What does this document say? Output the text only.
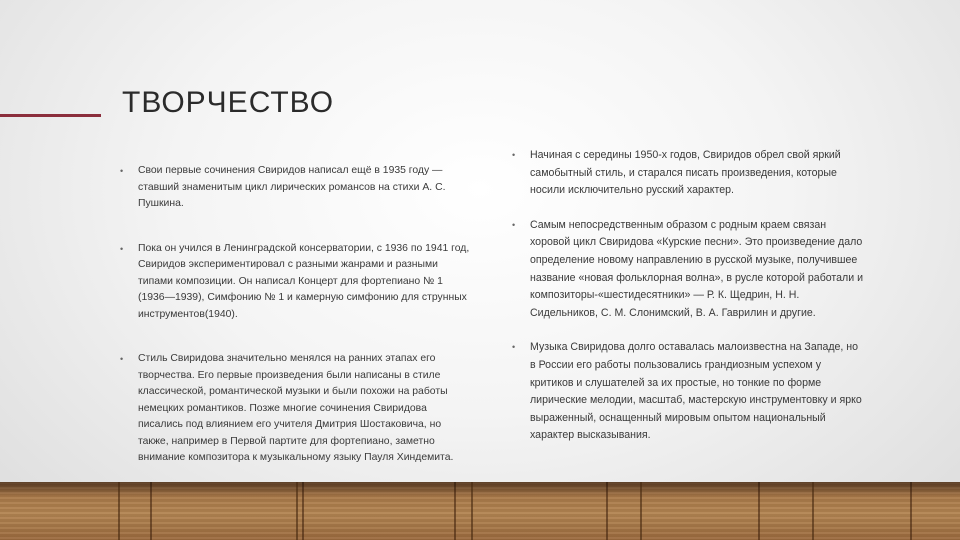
ТВОРЧЕСТВО
• Свои первые сочинения Свиридов написал ещё в 1935 году — ставший знаменитым цикл лирических романсов на стихи А. С. Пушкина.
• Пока он учился в Ленинградской консерватории, с 1936 по 1941 год, Свиридов экспериментировал с разными жанрами и разными типами композиции. Он написал Концерт для фортепиано № 1 (1936—1939), Симфонию № 1 и камерную симфонию для струнных инструментов(1940).
• Стиль Свиридова значительно менялся на ранних этапах его творчества. Его первые произведения были написаны в стиле классической, романтической музыки и были похожи на работы немецких романтиков. Позже многие сочинения Свиридова писались под влиянием его учителя Дмитрия Шостаковича, но также, например в Первой партите для фортепиано, заметно внимание композитора к музыкальному языку Пауля Хиндемита.
• Начиная с середины 1950-х годов, Свиридов обрел свой яркий самобытный стиль, и старался писать произведения, которые носили исключительно русский характер.
• Самым непосредственным образом с родным краем связан хоровой цикл Свиридова «Курские песни». Это произведение дало определение новому направлению в русской музыке, получившее название «новая фольклорная волна», в русле которой работали и композиторы-«шестидесятники» — Р. К. Щедрин, Н. Н. Сидельников, С. М. Слонимский, В. А. Гаврилин и другие.
• Музыка Свиридова долго оставалась малоизвестна на Западе, но в России его работы пользовались грандиозным успехом у критиков и слушателей за их простые, но тонкие по форме лирические мелодии, масштаб, мастерскую инструментовку и ярко выраженный, оснащенный мировым опытом национальный характер высказывания.
